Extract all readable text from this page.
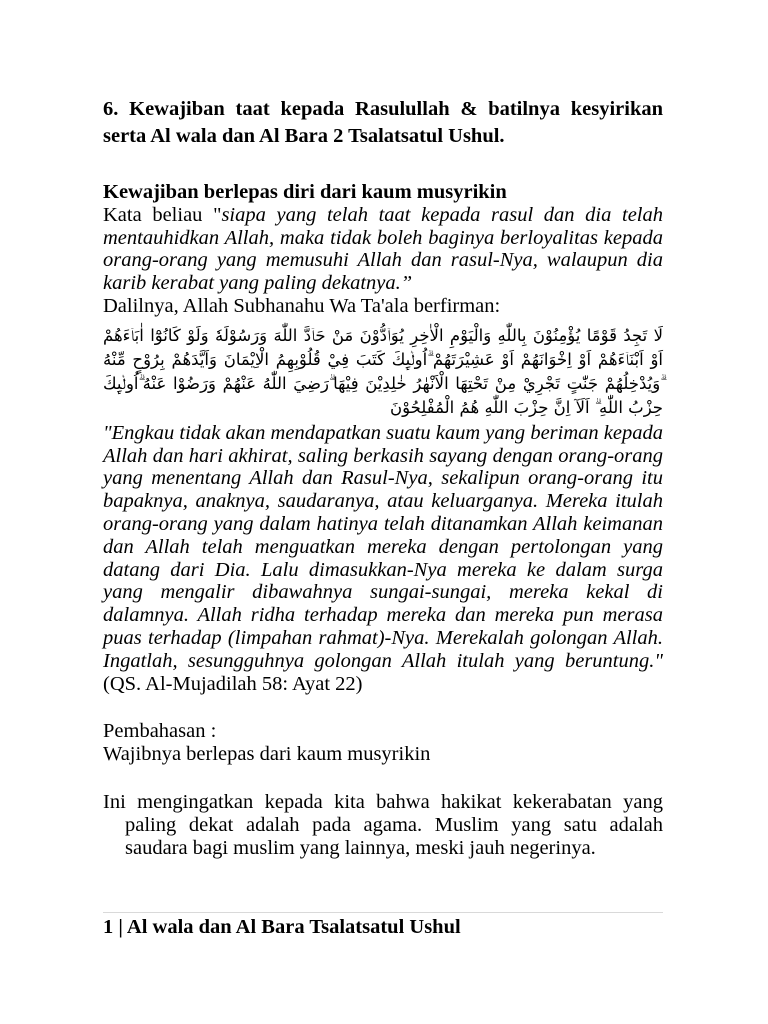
6. Kewajiban taat kepada Rasulullah & batilnya kesyirikan serta Al wala dan Al Bara 2 Tsalatsatul Ushul.

Kewajiban berlepas diri dari kaum musyrikin

Kata beliau "siapa yang telah taat kepada rasul dan dia telah mentauhidkan Allah, maka tidak boleh baginya berloyalitas kepada orang-orang yang memusuhi Allah dan rasul-Nya, walaupun dia karib kerabat yang paling dekatnya.”

Dalilnya, Allah Subhanahu Wa Ta'ala berfirman:

لَا تَجِدُ قَوْمًا يُؤْمِنُوْنَ بِاللّٰهِ وَالْيَوْمِ الْاٰخِرِ يُوَاۤدُّوْنَ مَنْ حَاۤدَّ اللّٰهَ وَرَسُوْلَهٗ وَلَوْ كَانُوْٓا اٰبَاۤءَهُمْ اَوْ اَبْنَاۤءَهُمْ اَوْ اِخْوَانَهُمْ اَوْ عَشِيْرَتَهُمْ ۗاُولٰۤىِٕكَ كَتَبَ فِيْ قُلُوْبِهِمُ الْاِيْمَانَ وَاَيَّدَهُمْ بِرُوْحٍ مِّنْهُ ۗوَيُدْخِلُهُمْ جَنّٰتٍ تَجْرِيْ مِنْ تَحْتِهَا الْاَنْهٰرُ خٰلِدِيْنَ فِيْهَا ۗرَضِيَ اللّٰهُ عَنْهُمْ وَرَضُوْا عَنْهُ ۗاُولٰۤىِٕكَ حِزْبُ اللّٰهِ ۗ اَلَآ اِنَّ حِزْبَ اللّٰهِ هُمُ الْمُفْلِحُوْنَ

"Engkau tidak akan mendapatkan suatu kaum yang beriman kepada Allah dan hari akhirat, saling berkasih sayang dengan orang-orang yang menentang Allah dan Rasul-Nya, sekalipun orang-orang itu bapaknya, anaknya, saudaranya, atau keluarganya. Mereka itulah orang-orang yang dalam hatinya telah ditanamkan Allah keimanan dan Allah telah menguatkan mereka dengan pertolongan yang datang dari Dia. Lalu dimasukkan-Nya mereka ke dalam surga yang mengalir dibawahnya sungai-sungai, mereka kekal di dalamnya. Allah ridha terhadap mereka dan mereka pun merasa puas terhadap (limpahan rahmat)-Nya. Merekalah golongan Allah. Ingatlah, sesungguhnya golongan Allah itulah yang beruntung." (QS. Al-Mujadilah 58: Ayat 22)

Pembahasan :

Wajibnya berlepas dari kaum musyrikin

Ini mengingatkan kepada kita bahwa hakikat kekerabatan yang paling dekat adalah pada agama. Muslim yang satu adalah saudara bagi muslim yang lainnya, meski jauh negerinya.

1 | Al wala dan Al Bara Tsalatsatul Ushul
